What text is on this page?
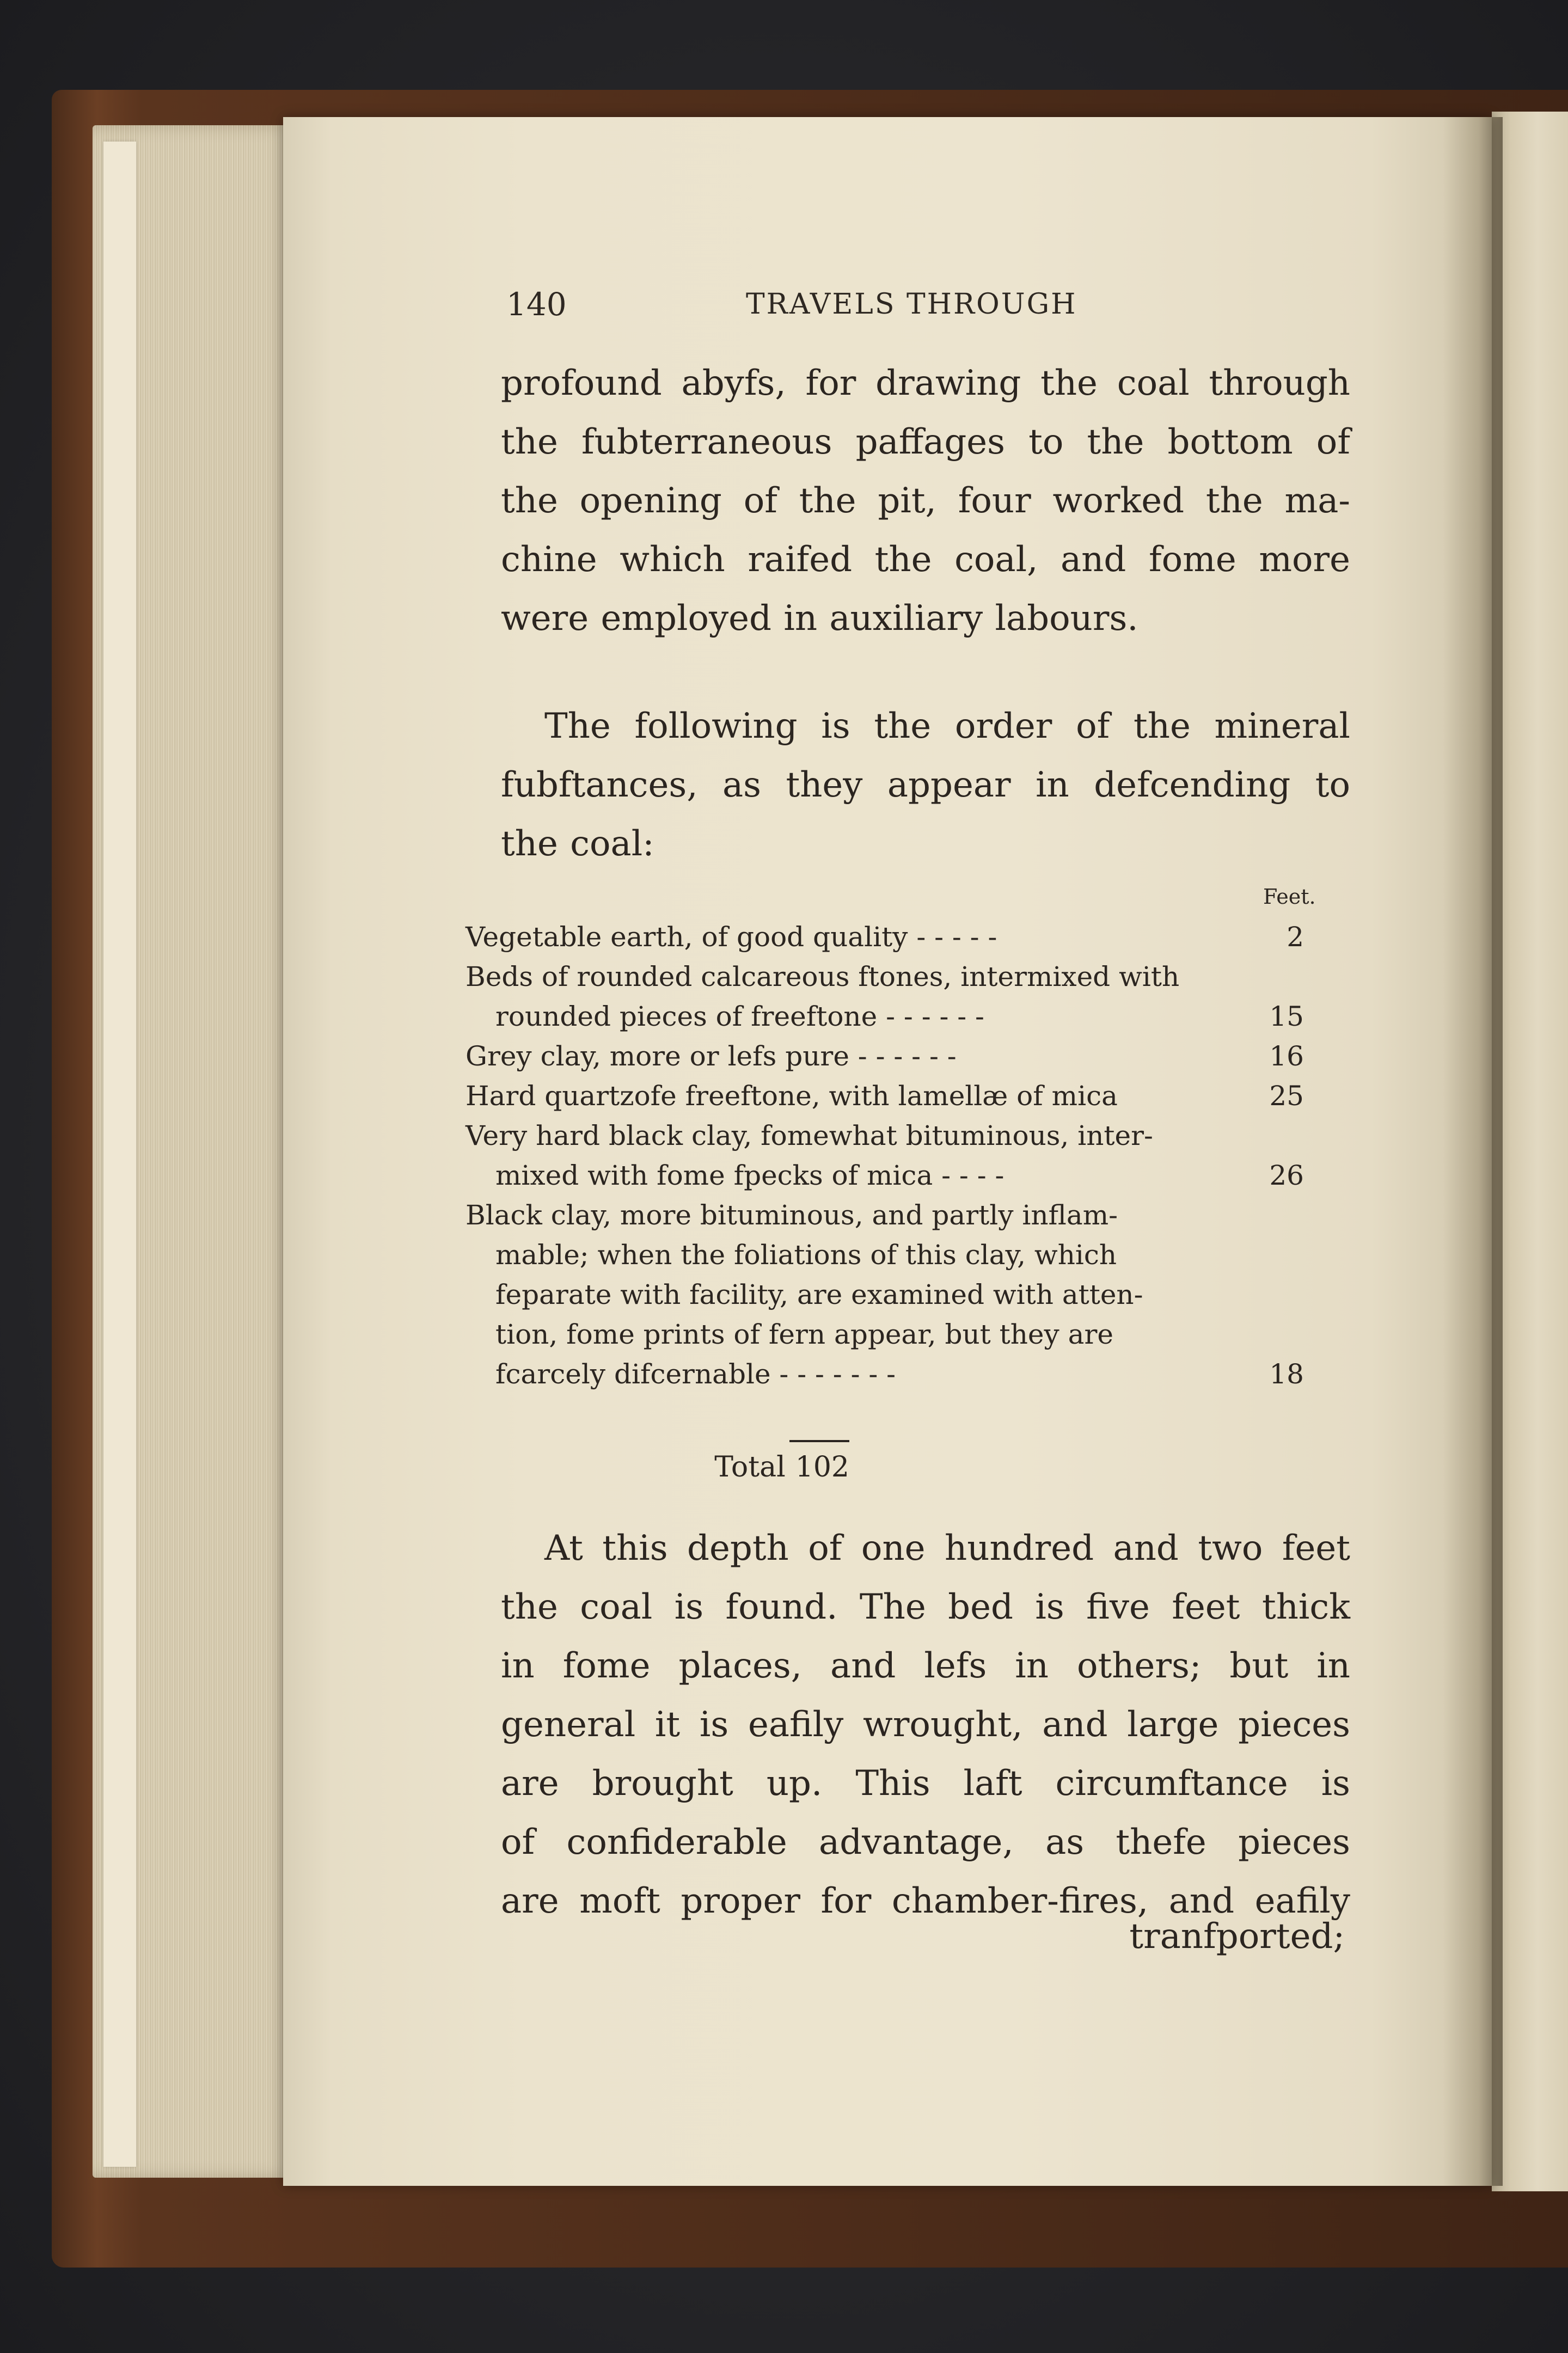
140	TRAVELS THROUGH
profound abyfs, for drawing the coal through
the fubterraneous paffages to the bottom of
the opening of the pit, four worked the ma-
chine which raifed the coal, and fome more
were employed in auxiliary labours.
The following is the order of the mineral
fubftances, as they appear in defcending to
the coal:
Feet.
Vegetable earth, of good quality - - - - -	2
Beds of rounded calcareous ftones, intermixed with
rounded pieces of freeftone - - - - - -	15
Grey clay, more or lefs pure - - - - - -	16
Hard quartzofe freeftone, with lamellæ of mica	25
Very hard black clay, fomewhat bituminous, inter-
mixed with fome fpecks of mica - - - -	26
Black clay, more bituminous, and partly inflam-
mable; when the foliations of this clay, which
feparate with facility, are examined with atten-
tion, fome prints of fern appear, but they are
fcarcely difcernable - - - - - - -	18
Total 102
At this depth of one hundred and two feet
the coal is found. The bed is five feet thick
in fome places, and lefs in others; but in
general it is eafily wrought, and large pieces
are brought up. This laft circumftance is
of confiderable advantage, as thefe pieces
are moft proper for chamber-fires, and eafily
tranfported;
